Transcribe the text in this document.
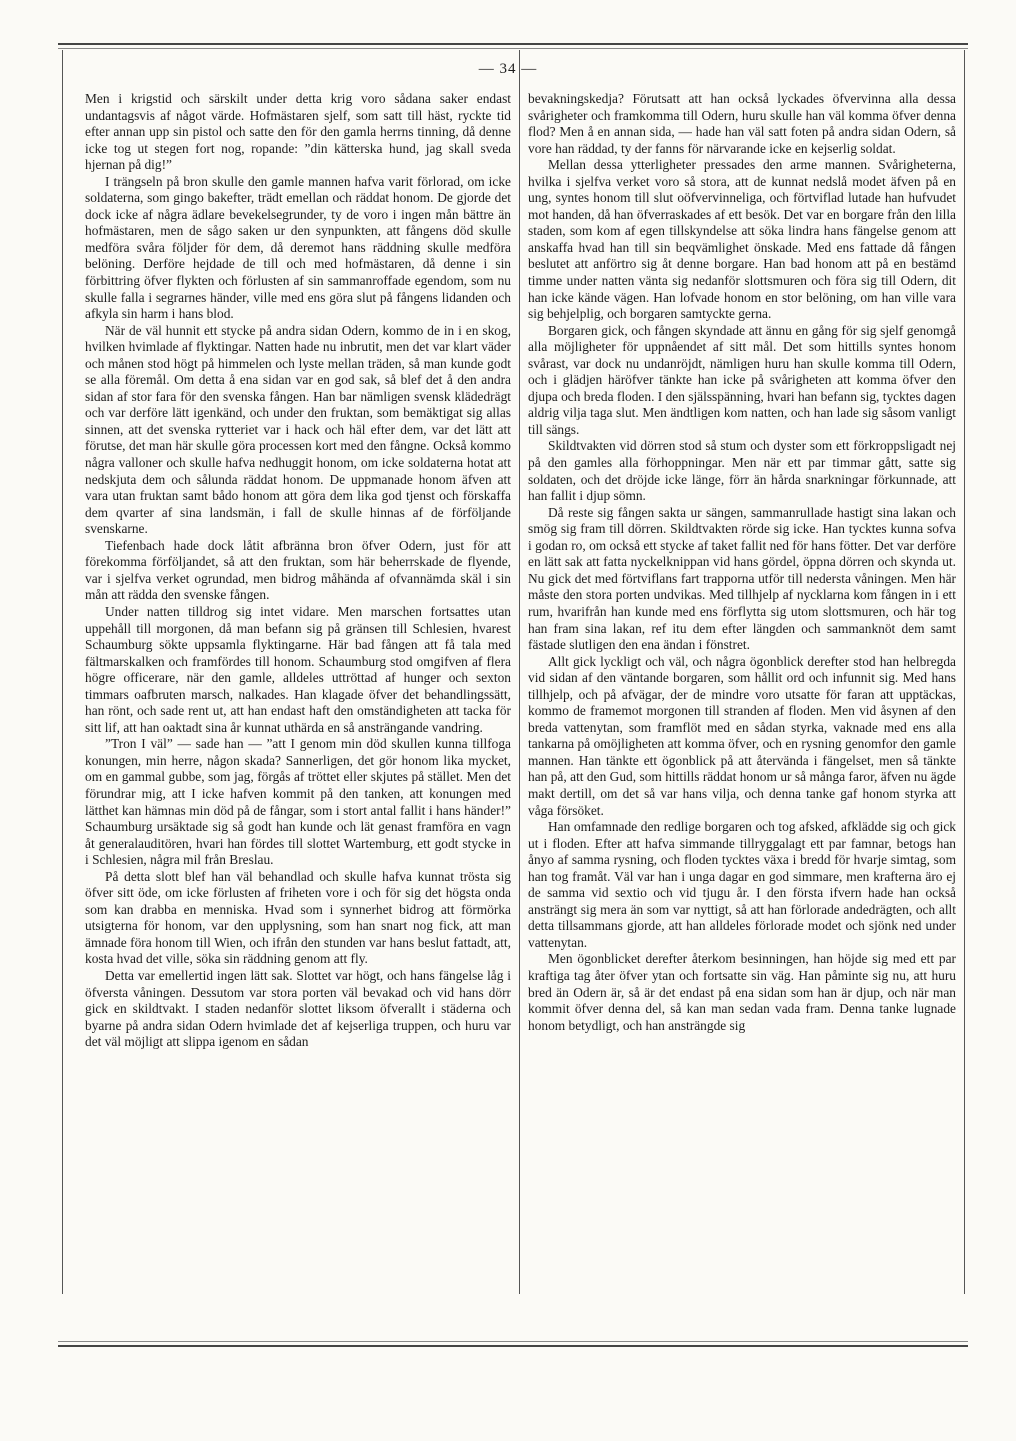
— 34 —

Men i krigstid och särskilt under detta krig voro sådana saker endast undantagsvis af något värde. Hofmästaren sjelf, som satt till häst, ryckte tid efter annan upp sin pistol och satte den för den gamla herrns tinning, då denne icke tog ut stegen fort nog, ropande: ”din kätterska hund, jag skall sveda hjernan på dig!”

I trängseln på bron skulle den gamle mannen hafva varit förlorad, om icke soldaterna, som gingo bakefter, trädt emellan och räddat honom. De gjorde det dock icke af några ädlare bevekelsegrunder, ty de voro i ingen mån bättre än hofmästaren, men de sågo saken ur den synpunkten, att fångens död skulle medföra svåra följder för dem, då deremot hans räddning skulle medföra belöning. Derföre hejdade de till och med hofmästaren, då denne i sin förbittring öfver flykten och förlusten af sin sammanroffade egendom, som nu skulle falla i segrarnes händer, ville med ens göra slut på fångens lidanden och afkyla sin harm i hans blod.

När de väl hunnit ett stycke på andra sidan Odern, kommo de in i en skog, hvilken hvimlade af flyktingar. Natten hade nu inbrutit, men det var klart väder och månen stod högt på himmelen och lyste mellan träden, så man kunde godt se alla föremål. Om detta å ena sidan var en god sak, så blef det å den andra sidan af stor fara för den svenska fången. Han bar nämligen svensk klädedrägt och var derföre lätt igenkänd, och under den fruktan, som bemäktigat sig allas sinnen, att det svenska rytteriet var i hack och häl efter dem, var det lätt att förutse, det man här skulle göra processen kort med den fångne. Också kommo några valloner och skulle hafva nedhuggit honom, om icke soldaterna hotat att nedskjuta dem och sålunda räddat honom. De uppmanade honom äfven att vara utan fruktan samt bådo honom att göra dem lika god tjenst och förskaffa dem qvarter af sina landsmän, i fall de skulle hinnas af de förföljande svenskarne.

Tiefenbach hade dock låtit afbränna bron öfver Odern, just för att förekomma förföljandet, så att den fruktan, som här beherrskade de flyende, var i sjelfva verket ogrundad, men bidrog måhända af ofvannämda skäl i sin mån att rädda den svenske fången.

Under natten tilldrog sig intet vidare. Men marschen fortsattes utan uppehåll till morgonen, då man befann sig på gränsen till Schlesien, hvarest Schaumburg sökte uppsamla flyktingarne. Här bad fången att få tala med fältmarskalken och framfördes till honom. Schaumburg stod omgifven af flera högre officerare, när den gamle, alldeles uttröttad af hunger och sexton timmars oafbruten marsch, nalkades. Han klagade öfver det behandlingssätt, han rönt, och sade rent ut, att han endast haft den omständigheten att tacka för sitt lif, att han oaktadt sina år kunnat uthärda en så ansträngande vandring.

”Tron I väl” — sade han — ”att I genom min död skullen kunna tillfoga konungen, min herre, någon skada? Sannerligen, det gör honom lika mycket, om en gammal gubbe, som jag, förgås af tröttet eller skjutes på stället. Men det förundrar mig, att I icke hafven kommit på den tanken, att konungen med lätthet kan hämnas min död på de fångar, som i stort antal fallit i hans händer!” Schaumburg ursäktade sig så godt han kunde och lät genast framföra en vagn åt generalauditören, hvari han fördes till slottet Wartemburg, ett godt stycke in i Schlesien, några mil från Breslau.

På detta slott blef han väl behandlad och skulle hafva kunnat trösta sig öfver sitt öde, om icke förlusten af friheten vore i och för sig det högsta onda som kan drabba en menniska. Hvad som i synnerhet bidrog att förmörka utsigterna för honom, var den upplysning, som han snart nog fick, att man ämnade föra honom till Wien, och ifrån den stunden var hans beslut fattadt, att, kosta hvad det ville, söka sin räddning genom att fly.

Detta var emellertid ingen lätt sak. Slottet var högt, och hans fängelse låg i öfversta våningen. Dessutom var stora porten väl bevakad och vid hans dörr gick en skildtvakt. I staden nedanför slottet liksom öfverallt i städerna och byarne på andra sidan Odern hvimlade det af kejserliga truppen, och huru var det väl möjligt att slippa igenom en sådan

bevakningskedja? Förutsatt att han också lyckades öfvervinna alla dessa svårigheter och framkomma till Odern, huru skulle han väl komma öfver denna flod? Men å en annan sida, — hade han väl satt foten på andra sidan Odern, så vore han räddad, ty der fanns för närvarande icke en kejserlig soldat.

Mellan dessa ytterligheter pressades den arme mannen. Svårigheterna, hvilka i sjelfva verket voro så stora, att de kunnat nedslå modet äfven på en ung, syntes honom till slut oöfvervinneliga, och förtviflad lutade han hufvudet mot handen, då han öfverraskades af ett besök. Det var en borgare från den lilla staden, som kom af egen tillskyndelse att söka lindra hans fängelse genom att anskaffa hvad han till sin beqvämlighet önskade. Med ens fattade då fången beslutet att anförtro sig åt denne borgare. Han bad honom att på en bestämd timme under natten vänta sig nedanför slottsmuren och föra sig till Odern, dit han icke kände vägen. Han lofvade honom en stor belöning, om han ville vara sig behjelplig, och borgaren samtyckte gerna.

Borgaren gick, och fången skyndade att ännu en gång för sig sjelf genomgå alla möjligheter för uppnåendet af sitt mål. Det som hittills syntes honom svårast, var dock nu undanröjdt, nämligen huru han skulle komma till Odern, och i glädjen häröfver tänkte han icke på svårigheten att komma öfver den djupa och breda floden. I den själsspänning, hvari han befann sig, tycktes dagen aldrig vilja taga slut. Men ändtligen kom natten, och han lade sig såsom vanligt till sängs.

Skildtvakten vid dörren stod så stum och dyster som ett förkroppsligadt nej på den gamles alla förhoppningar. Men när ett par timmar gått, satte sig soldaten, och det dröjde icke länge, förr än hårda snarkningar förkunnade, att han fallit i djup sömn.

Då reste sig fången sakta ur sängen, sammanrullade hastigt sina lakan och smög sig fram till dörren. Skildtvakten rörde sig icke. Han tycktes kunna sofva i godan ro, om också ett stycke af taket fallit ned för hans fötter. Det var derföre en lätt sak att fatta nyckelknippan vid hans gördel, öppna dörren och skynda ut. Nu gick det med förtviflans fart trapporna utför till nedersta våningen. Men här måste den stora porten undvikas. Med tillhjelp af nycklarna kom fången in i ett rum, hvarifrån han kunde med ens förflytta sig utom slottsmuren, och här tog han fram sina lakan, ref itu dem efter längden och sammanknöt dem samt fästade slutligen den ena ändan i fönstret.

Allt gick lyckligt och väl, och några ögonblick derefter stod han helbregda vid sidan af den väntande borgaren, som hållit ord och infunnit sig. Med hans tillhjelp, och på afvägar, der de mindre voro utsatte för faran att upptäckas, kommo de framemot morgonen till stranden af floden. Men vid åsynen af den breda vattenytan, som framflöt med en sådan styrka, vaknade med ens alla tankarna på omöjligheten att komma öfver, och en rysning genomfor den gamle mannen. Han tänkte ett ögonblick på att återvända i fängelset, men så tänkte han på, att den Gud, som hittills räddat honom ur så många faror, äfven nu ägde makt dertill, om det så var hans vilja, och denna tanke gaf honom styrka att våga försöket.

Han omfamnade den redlige borgaren och tog afsked, afklädde sig och gick ut i floden. Efter att hafva simmande tillryggalagt ett par famnar, betogs han ånyo af samma rysning, och floden tycktes växa i bredd för hvarje simtag, som han tog framåt. Väl var han i unga dagar en god simmare, men krafterna äro ej de samma vid sextio och vid tjugu år. I den första ifvern hade han också ansträngt sig mera än som var nyttigt, så att han förlorade andedrägten, och allt detta tillsammans gjorde, att han alldeles förlorade modet och sjönk ned under vattenytan.

Men ögonblicket derefter återkom besinningen, han höjde sig med ett par kraftiga tag åter öfver ytan och fortsatte sin väg. Han påminte sig nu, att huru bred än Odern är, så är det endast på ena sidan som han är djup, och när man kommit öfver denna del, så kan man sedan vada fram. Denna tanke lugnade honom betydligt, och han ansträngde sig
